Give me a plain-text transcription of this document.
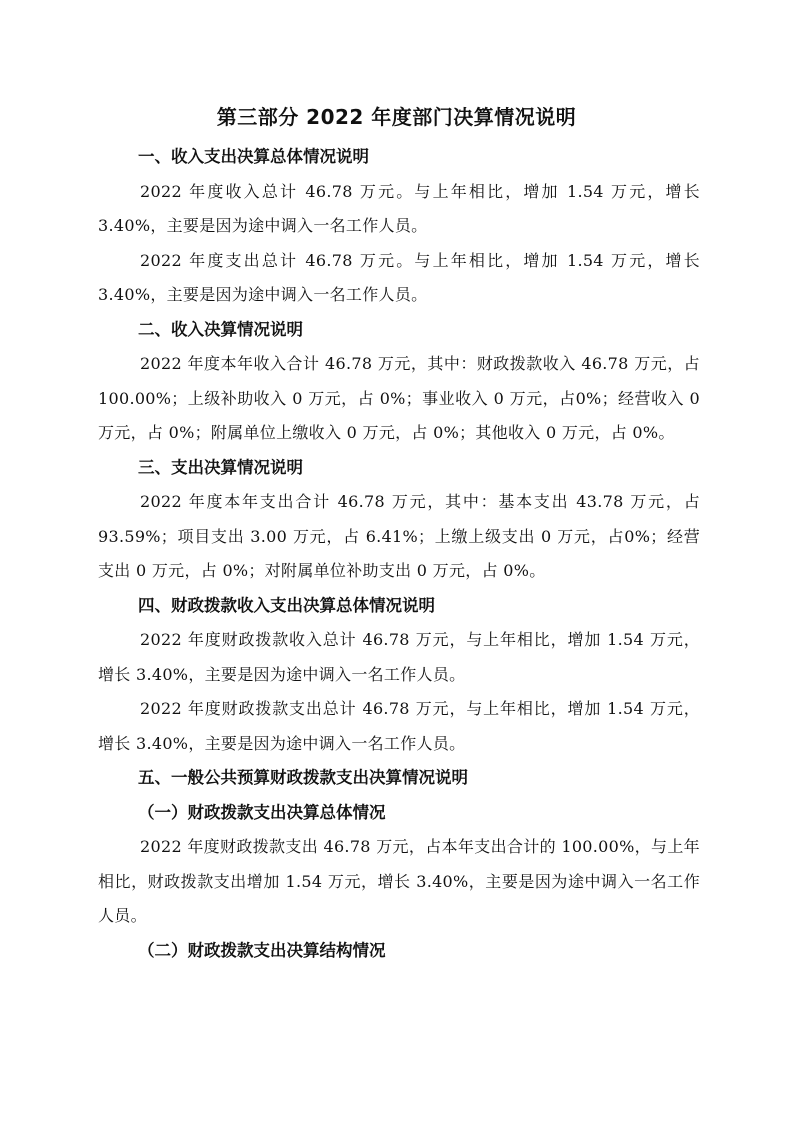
第三部分 2022 年度部门决算情况说明

一、收入支出决算总体情况说明

2022 年度收入总计 46.78 万元。与上年相比，增加 1.54 万元，增长3.40%，主要是因为途中调入一名工作人员。

2022 年度支出总计 46.78 万元。与上年相比，增加 1.54 万元，增长3.40%，主要是因为途中调入一名工作人员。

二、收入决算情况说明

2022 年度本年收入合计 46.78 万元，其中：财政拨款收入 46.78 万元，占 100.00%；上级补助收入 0 万元，占 0%；事业收入 0 万元，占0%；经营收入 0 万元，占 0%；附属单位上缴收入 0 万元，占 0%；其他收入 0 万元，占 0%。

三、支出决算情况说明

2022 年度本年支出合计 46.78 万元，其中：基本支出 43.78 万元，占 93.59%；项目支出 3.00 万元，占 6.41%；上缴上级支出 0 万元，占0%；经营支出 0 万元，占 0%；对附属单位补助支出 0 万元，占 0%。

四、财政拨款收入支出决算总体情况说明

2022 年度财政拨款收入总计 46.78 万元，与上年相比，增加 1.54 万元，增长 3.40%，主要是因为途中调入一名工作人员。

2022 年度财政拨款支出总计 46.78 万元，与上年相比，增加 1.54 万元，增长 3.40%，主要是因为途中调入一名工作人员。

五、一般公共预算财政拨款支出决算情况说明

（一）财政拨款支出决算总体情况

2022 年度财政拨款支出 46.78 万元，占本年支出合计的 100.00%，与上年相比，财政拨款支出增加 1.54 万元，增长 3.40%，主要是因为途中调入一名工作人员。

（二）财政拨款支出决算结构情况
